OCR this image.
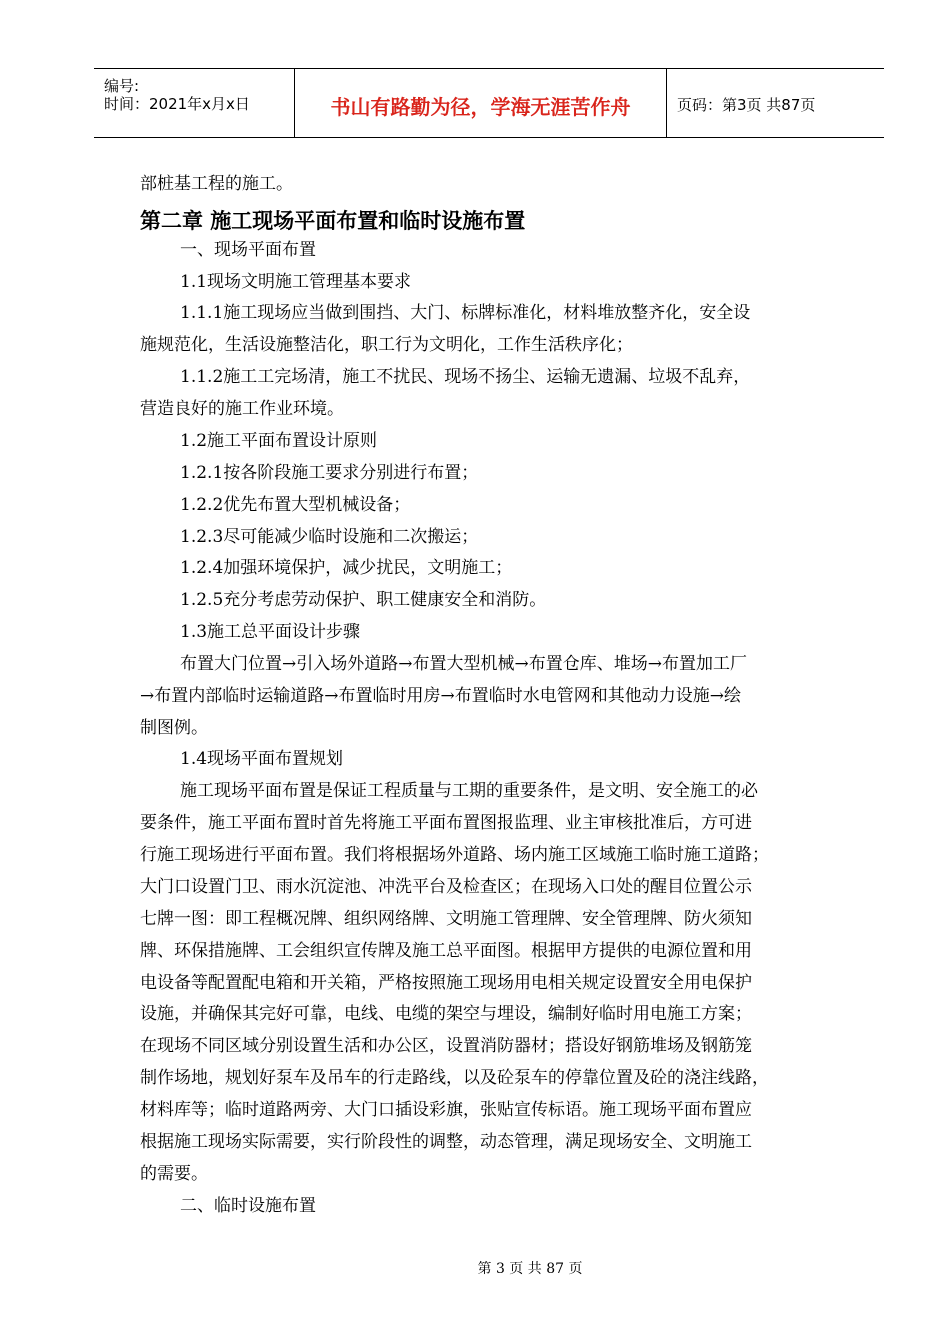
编号:
时间：2021年x月x日	书山有路勤为径，学海无涯苦作舟	页码：第3页 共87页
部桩基工程的施工。
第二章 施工现场平面布置和临时设施布置
一、现场平面布置
1.1现场文明施工管理基本要求
1.1.1施工现场应当做到围挡、大门、标牌标准化，材料堆放整齐化，安全设
施规范化，生活设施整洁化，职工行为文明化，工作生活秩序化；
1.1.2施工工完场清，施工不扰民、现场不扬尘、运输无遗漏、垃圾不乱弃，
营造良好的施工作业环境。
1.2施工平面布置设计原则
1.2.1按各阶段施工要求分别进行布置；
1.2.2优先布置大型机械设备；
1.2.3尽可能减少临时设施和二次搬运；
1.2.4加强环境保护，减少扰民，文明施工；
1.2.5充分考虑劳动保护、职工健康安全和消防。
1.3施工总平面设计步骤
布置大门位置→引入场外道路→布置大型机械→布置仓库、堆场→布置加工厂
→布置内部临时运输道路→布置临时用房→布置临时水电管网和其他动力设施→绘
制图例。
1.4现场平面布置规划
施工现场平面布置是保证工程质量与工期的重要条件，是文明、安全施工的必
要条件，施工平面布置时首先将施工平面布置图报监理、业主审核批准后，方可进
行施工现场进行平面布置。我们将根据场外道路、场内施工区域施工临时施工道路；
大门口设置门卫、雨水沉淀池、冲洗平台及检查区；在现场入口处的醒目位置公示
七牌一图：即工程概况牌、组织网络牌、文明施工管理牌、安全管理牌、防火须知
牌、环保措施牌、工会组织宣传牌及施工总平面图。根据甲方提供的电源位置和用
电设备等配置配电箱和开关箱，严格按照施工现场用电相关规定设置安全用电保护
设施，并确保其完好可靠，电线、电缆的架空与埋设，编制好临时用电施工方案；
在现场不同区域分别设置生活和办公区，设置消防器材；搭设好钢筋堆场及钢筋笼
制作场地，规划好泵车及吊车的行走路线，以及砼泵车的停靠位置及砼的浇注线路，
材料库等；临时道路两旁、大门口插设彩旗，张贴宣传标语。施工现场平面布置应
根据施工现场实际需要，实行阶段性的调整，动态管理，满足现场安全、文明施工
的需要。
二、临时设施布置
第 3 页 共 87 页
